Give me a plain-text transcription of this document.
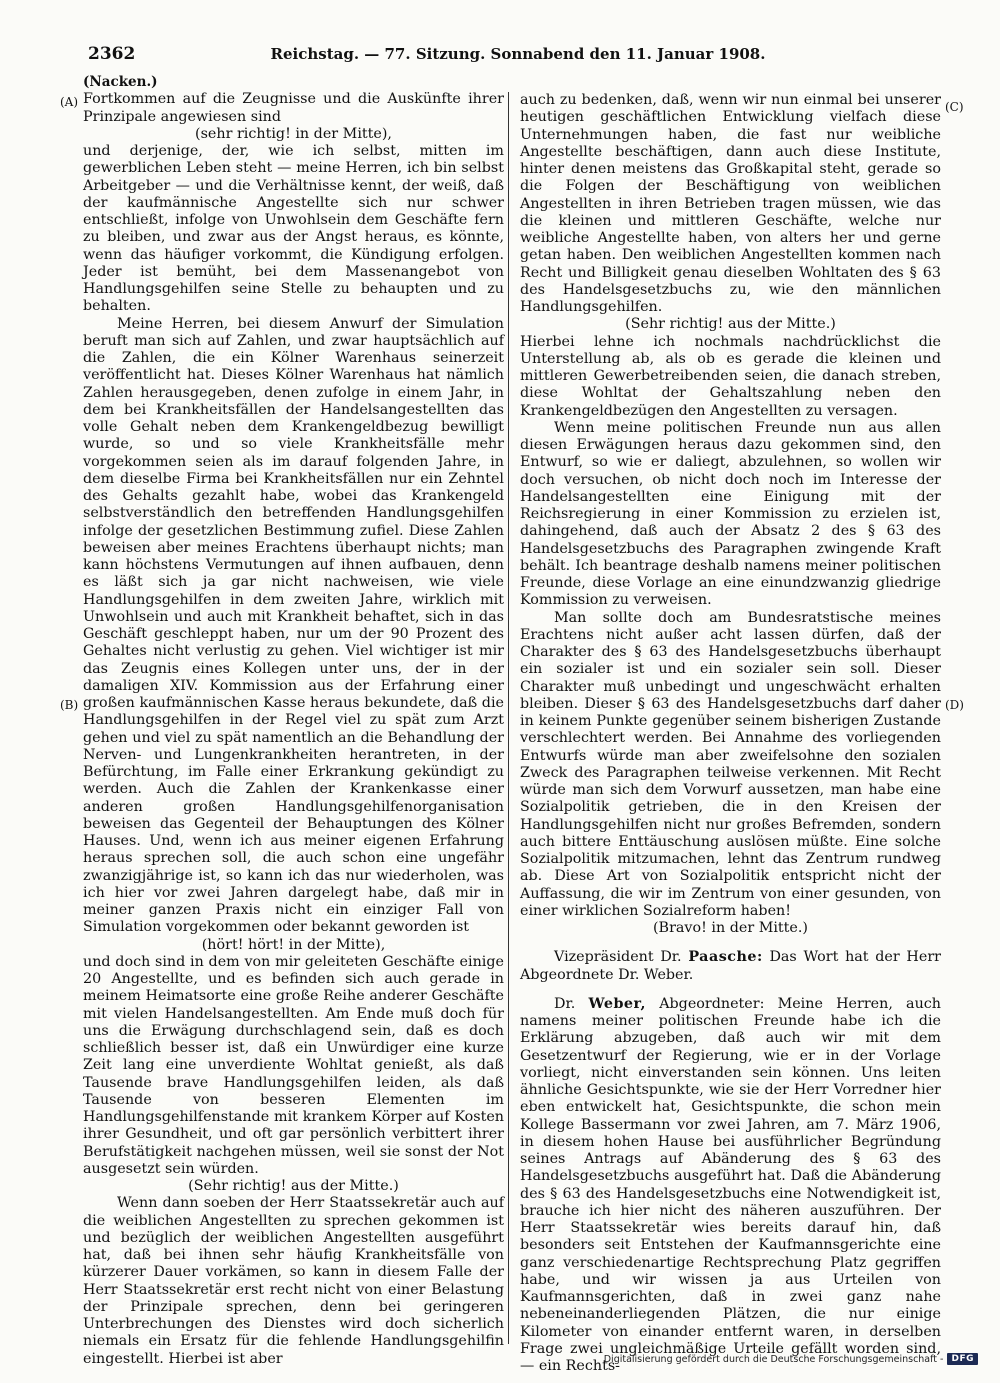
2362	Reichstag. — 77. Sitzung. Sonnabend den 11. Januar 1908.
(A)
(B)
(C)
(D)

(Nacken.)

Fortkommen auf die Zeugnisse und die Auskünfte ihrer Prinzipale angewiesen sind

(sehr richtig! in der Mitte),

und derjenige, der, wie ich selbst, mitten im gewerblichen Leben steht — meine Herren, ich bin selbst Arbeitgeber — und die Verhältnisse kennt, der weiß, daß der kaufmännische Angestellte sich nur schwer entschließt, infolge von Unwohlsein dem Geschäfte fern zu bleiben, und zwar aus der Angst heraus, es könnte, wenn das häufiger vorkommt, die Kündigung erfolgen. Jeder ist bemüht, bei dem Massenangebot von Handlungsgehilfen seine Stelle zu behaupten und zu behalten.

Meine Herren, bei diesem Anwurf der Simulation beruft man sich auf Zahlen, und zwar hauptsächlich auf die Zahlen, die ein Kölner Warenhaus seinerzeit veröffentlicht hat. Dieses Kölner Warenhaus hat nämlich Zahlen herausgegeben, denen zufolge in einem Jahr, in dem bei Krankheitsfällen der Handelsangestellten das volle Gehalt neben dem Krankengeldbezug bewilligt wurde, so und so viele Krankheitsfälle mehr vorgekommen seien als im darauf folgenden Jahre, in dem dieselbe Firma bei Krankheitsfällen nur ein Zehntel des Gehalts gezahlt habe, wobei das Krankengeld selbstverständlich den betreffenden Handlungsgehilfen infolge der gesetzlichen Bestimmung zufiel. Diese Zahlen beweisen aber meines Erachtens überhaupt nichts; man kann höchstens Vermutungen auf ihnen aufbauen, denn es läßt sich ja gar nicht nachweisen, wie viele Handlungsgehilfen in dem zweiten Jahre, wirklich mit Unwohlsein und auch mit Krankheit behaftet, sich in das Geschäft geschleppt haben, nur um der 90 Prozent des Gehaltes nicht verlustig zu gehen. Viel wichtiger ist mir das Zeugnis eines Kollegen unter uns, der in der damaligen XIV. Kommission aus der Erfahrung einer großen kaufmännischen Kasse heraus bekundete, daß die Handlungsgehilfen in der Regel viel zu spät zum Arzt gehen und viel zu spät namentlich an die Behandlung der Nerven- und Lungenkrankheiten herantreten, in der Befürchtung, im Falle einer Erkrankung gekündigt zu werden. Auch die Zahlen der Krankenkasse einer anderen großen Handlungsgehilfenorganisation beweisen das Gegenteil der Behauptungen des Kölner Hauses. Und, wenn ich aus meiner eigenen Erfahrung heraus sprechen soll, die auch schon eine ungefähr zwanzigjährige ist, so kann ich das nur wiederholen, was ich hier vor zwei Jahren dargelegt habe, daß mir in meiner ganzen Praxis nicht ein einziger Fall von Simulation vorgekommen oder bekannt geworden ist

(hört! hört! in der Mitte),

und doch sind in dem von mir geleiteten Geschäfte einige 20 Angestellte, und es befinden sich auch gerade in meinem Heimatsorte eine große Reihe anderer Geschäfte mit vielen Handelsangestellten. Am Ende muß doch für uns die Erwägung durchschlagend sein, daß es doch schließlich besser ist, daß ein Unwürdiger eine kurze Zeit lang eine unverdiente Wohltat genießt, als daß Tausende brave Handlungsgehilfen leiden, als daß Tausende von besseren Elementen im Handlungsgehilfenstande mit krankem Körper auf Kosten ihrer Gesundheit, und oft gar persönlich verbittert ihrer Berufstätigkeit nachgehen müssen, weil sie sonst der Not ausgesetzt sein würden.

(Sehr richtig! aus der Mitte.)

Wenn dann soeben der Herr Staatssekretär auch auf die weiblichen Angestellten zu sprechen gekommen ist und bezüglich der weiblichen Angestellten ausgeführt hat, daß bei ihnen sehr häufig Krankheitsfälle von kürzerer Dauer vorkämen, so kann in diesem Falle der Herr Staatssekretär erst recht nicht von einer Belastung der Prinzipale sprechen, denn bei geringeren Unterbrechungen des Dienstes wird doch sicherlich niemals ein Ersatz für die fehlende Handlungsgehilfin eingestellt. Hierbei ist aber

auch zu bedenken, daß, wenn wir nun einmal bei unserer heutigen geschäftlichen Entwicklung vielfach diese Unternehmungen haben, die fast nur weibliche Angestellte beschäftigen, dann auch diese Institute, hinter denen meistens das Großkapital steht, gerade so die Folgen der Beschäftigung von weiblichen Angestellten in ihren Betrieben tragen müssen, wie das die kleinen und mittleren Geschäfte, welche nur weibliche Angestellte haben, von alters her und gerne getan haben. Den weiblichen Angestellten kommen nach Recht und Billigkeit genau dieselben Wohltaten des § 63 des Handelsgesetzbuchs zu, wie den männlichen Handlungsgehilfen.

(Sehr richtig! aus der Mitte.)

Hierbei lehne ich nochmals nachdrücklichst die Unterstellung ab, als ob es gerade die kleinen und mittleren Gewerbetreibenden seien, die danach streben, diese Wohltat der Gehaltszahlung neben den Krankengeldbezügen den Angestellten zu versagen.

Wenn meine politischen Freunde nun aus allen diesen Erwägungen heraus dazu gekommen sind, den Entwurf, so wie er daliegt, abzulehnen, so wollen wir doch versuchen, ob nicht doch noch im Interesse der Handelsangestellten eine Einigung mit der Reichsregierung in einer Kommission zu erzielen ist, dahingehend, daß auch der Absatz 2 des § 63 des Handelsgesetzbuchs des Paragraphen zwingende Kraft behält. Ich beantrage deshalb namens meiner politischen Freunde, diese Vorlage an eine einundzwanzig gliedrige Kommission zu verweisen.

Man sollte doch am Bundesratstische meines Erachtens nicht außer acht lassen dürfen, daß der Charakter des § 63 des Handelsgesetzbuchs überhaupt ein sozialer ist und ein sozialer sein soll. Dieser Charakter muß unbedingt und ungeschwächt erhalten bleiben. Dieser § 63 des Handelsgesetzbuchs darf daher in keinem Punkte gegenüber seinem bisherigen Zustande verschlechtert werden. Bei Annahme des vorliegenden Entwurfs würde man aber zweifelsohne den sozialen Zweck des Paragraphen teilweise verkennen. Mit Recht würde man sich dem Vorwurf aussetzen, man habe eine Sozialpolitik getrieben, die in den Kreisen der Handlungsgehilfen nicht nur großes Befremden, sondern auch bittere Enttäuschung auslösen müßte. Eine solche Sozialpolitik mitzumachen, lehnt das Zentrum rundweg ab. Diese Art von Sozialpolitik entspricht nicht der Auffassung, die wir im Zentrum von einer gesunden, von einer wirklichen Sozialreform haben!

(Bravo! in der Mitte.)

Vizepräsident Dr. Paasche: Das Wort hat der Herr Abgeordnete Dr. Weber.

Dr. Weber, Abgeordneter: Meine Herren, auch namens meiner politischen Freunde habe ich die Erklärung abzugeben, daß auch wir mit dem Gesetzentwurf der Regierung, wie er in der Vorlage vorliegt, nicht einverstanden sein können. Uns leiten ähnliche Gesichtspunkte, wie sie der Herr Vorredner hier eben entwickelt hat, Gesichtspunkte, die schon mein Kollege Bassermann vor zwei Jahren, am 7. März 1906, in diesem hohen Hause bei ausführlicher Begründung seines Antrags auf Abänderung des § 63 des Handelsgesetzbuchs ausgeführt hat. Daß die Abänderung des § 63 des Handelsgesetzbuchs eine Notwendigkeit ist, brauche ich hier nicht des näheren auszuführen. Der Herr Staatssekretär wies bereits darauf hin, daß besonders seit Entstehen der Kaufmannsgerichte eine ganz verschiedenartige Rechtsprechung Platz gegriffen habe, und wir wissen ja aus Urteilen von Kaufmannsgerichten, daß in zwei ganz nahe nebeneinanderliegenden Plätzen, die nur einige Kilometer von einander entfernt waren, in derselben Frage zwei ungleichmäßige Urteile gefällt worden sind, — ein Rechts-

Digitalisierung gefördert durch die Deutsche Forschungsgemeinschaft - DFG
